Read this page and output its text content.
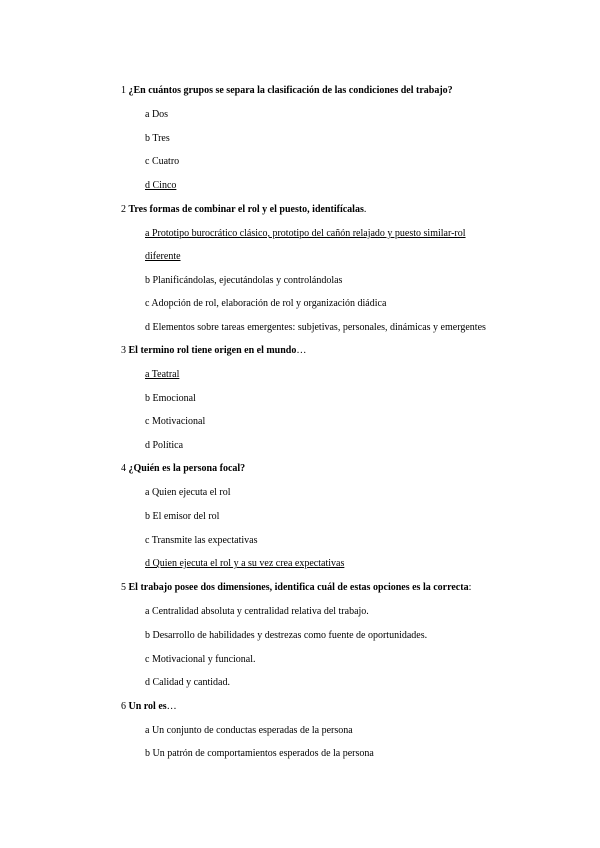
1 ¿En cuántos grupos se separa la clasificación de las condiciones del trabajo?
a Dos
b Tres
c Cuatro
d Cinco
2 Tres formas de combinar el rol y el puesto, identifícalas.
a Prototipo burocrático clásico, prototipo del cañón relajado y puesto similar-rol
diferente
b Planificándolas, ejecutándolas y controlándolas
c Adopción de rol, elaboración de rol y organización diádica
d Elementos sobre tareas emergentes: subjetivas, personales, dinámicas y emergentes
3 El termino rol tiene origen en el mundo…
a Teatral
b Emocional
c Motivacional
d Política
4 ¿Quién es la persona focal?
a Quien ejecuta el rol
b El emisor del rol
c Transmite las expectativas
d Quien ejecuta el rol y a su vez crea expectativas
5 El trabajo posee dos dimensiones, identifica cuál de estas opciones es la correcta:
a Centralidad absoluta y centralidad relativa del trabajo.
b Desarrollo de habilidades y destrezas como fuente de oportunidades.
c Motivacional y funcional.
d Calidad y cantidad.
6 Un rol es…
a Un conjunto de conductas esperadas de la persona
b Un patrón de comportamientos esperados de la persona
